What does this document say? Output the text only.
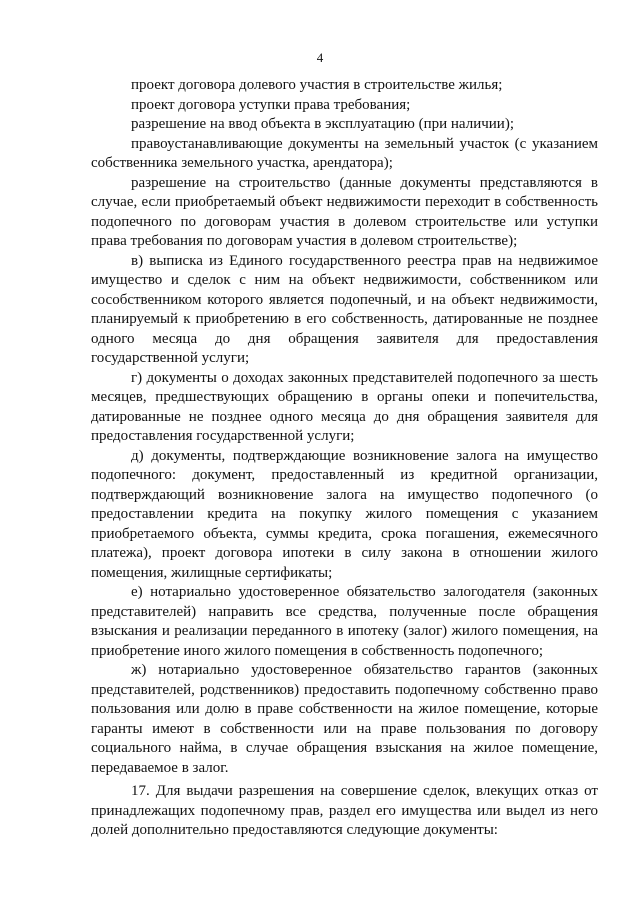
4

проект договора долевого участия в строительстве жилья;

проект договора уступки права требования;

разрешение на ввод объекта в эксплуатацию (при наличии);

правоустанавливающие документы на земельный участок (с указанием собственника земельного участка, арендатора);

разрешение на строительство (данные документы представляются в случае, если приобретаемый объект недвижимости переходит в собственность подопечного по договорам участия в долевом строительстве или уступки права требования по договорам участия в долевом строительстве);

в) выписка из Единого государственного реестра прав на недвижимое имущество и сделок с ним на объект недвижимости, собственником или сособственником которого является подопечный, и на объект недвижимости, планируемый к приобретению в его собственность, датированные не позднее одного месяца до дня обращения заявителя для предоставления государственной услуги;

г) документы о доходах законных представителей подопечного за шесть месяцев, предшествующих обращению в органы опеки и попечительства, датированные не позднее одного месяца до дня обращения заявителя для предоставления государственной услуги;

д) документы, подтверждающие возникновение залога на имущество подопечного: документ, предоставленный из кредитной организации, подтверждающий возникновение залога на имущество подопечного (о предоставлении кредита на покупку жилого помещения с указанием приобретаемого объекта, суммы кредита, срока погашения, ежемесячного платежа), проект договора ипотеки в силу закона в отношении жилого помещения, жилищные сертификаты;

е) нотариально удостоверенное обязательство залогодателя (законных представителей) направить все средства, полученные после обращения взыскания и реализации переданного в ипотеку (залог) жилого помещения, на приобретение иного жилого помещения в собственность подопечного;

ж) нотариально удостоверенное обязательство гарантов (законных представителей, родственников) предоставить подопечному собственно право пользования или долю в праве собственности на жилое помещение, которые гаранты имеют в собственности или на праве пользования по договору социального найма, в случае обращения взыскания на жилое помещение, передаваемое в залог.

17. Для выдачи разрешения на совершение сделок, влекущих отказ от принадлежащих подопечному прав, раздел его имущества или выдел из него долей дополнительно предоставляются следующие документы:
